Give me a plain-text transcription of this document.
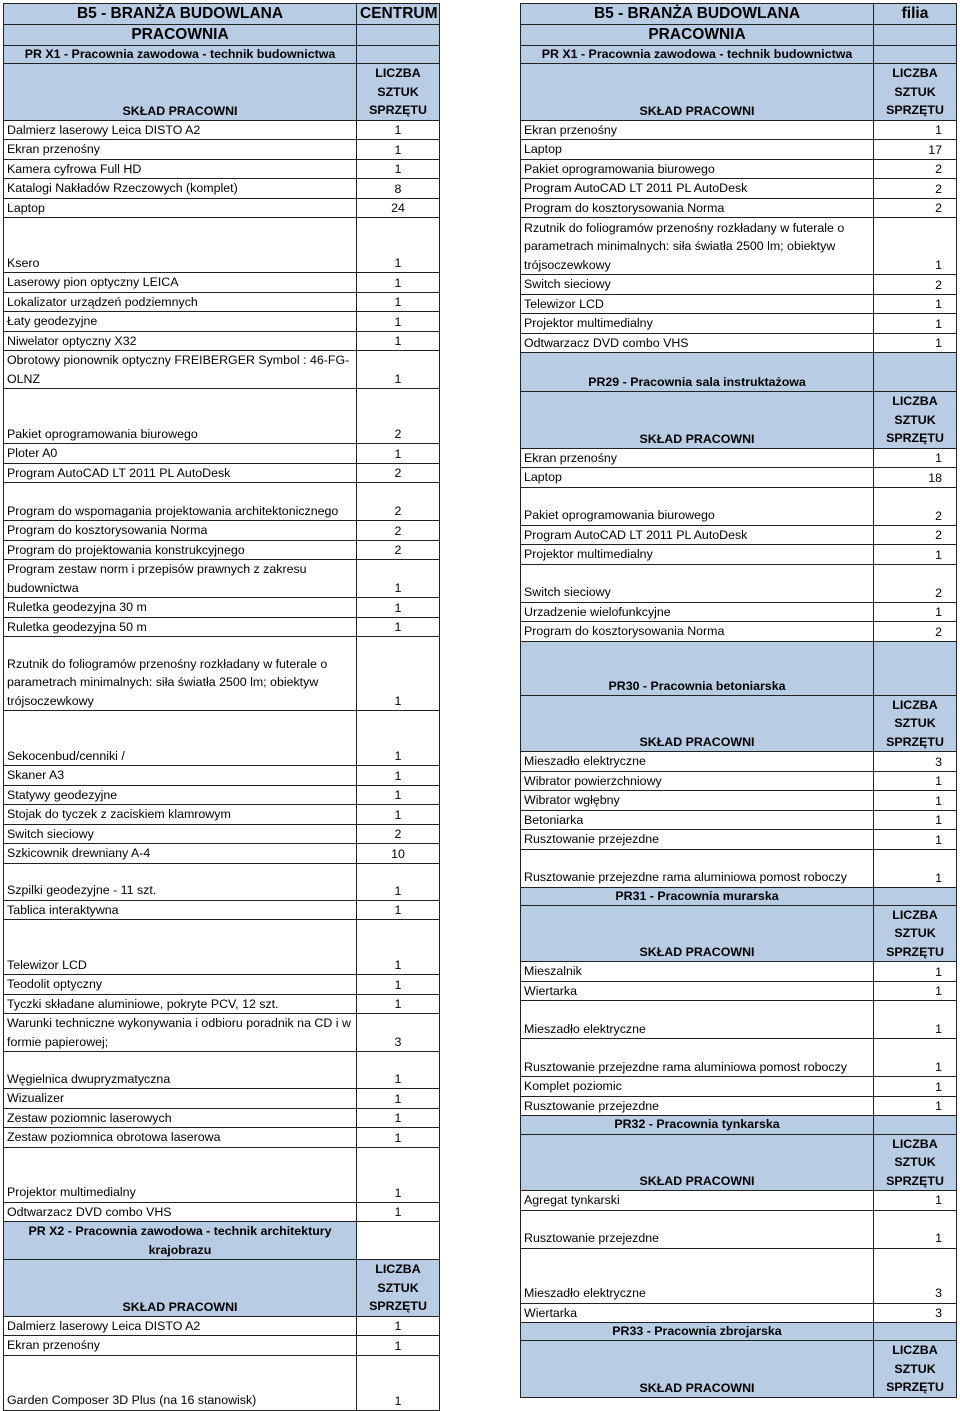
B5 - BRANŻA BUDOWLANA	CENTRUM
PRACOWNIA	
PR X1 - Pracownia zawodowa - technik budownictwa	
SKŁAD PRACOWNI	LICZBA SZTUK SPRZĘTU
Dalmierz laserowy Leica DISTO A2	1
Ekran przenośny	1
Kamera cyfrowa Full HD	1
Katalogi Nakładów Rzeczowych (komplet)	8
Laptop	24
Ksero	1
Laserowy pion optyczny LEICA	1
Lokalizator urządzeń podziemnych	1
Łaty geodezyjne	1
Niwelator optyczny X32	1
Obrotowy pionownik optyczny FREIBERGER Symbol : 46-FG-OLNZ	1
Pakiet oprogramowania biurowego	2
Ploter A0	1
Program AutoCAD LT 2011 PL AutoDesk	2
Program do wspomagania projektowania architektonicznego	2
Program do kosztorysowania Norma	2
Program do projektowania konstrukcyjnego	2
Program zestaw norm i przepisów prawnych z zakresu budownictwa	1
Ruletka geodezyjna 30 m	1
Ruletka geodezyjna 50 m	1
Rzutnik do foliogramów przenośny rozkładany w futerale o parametrach minimalnych: siła światła 2500 lm; obiektyw trójsoczewkowy	1
Sekocenbud/cenniki /	1
Skaner A3	1
Statywy geodezyjne	1
Stojak do tyczek z zaciskiem klamrowym	1
Switch sieciowy	2
Szkicownik drewniany A-4	10
Szpilki geodezyjne - 11 szt.	1
Tablica interaktywna	1
Telewizor LCD	1
Teodolit optyczny	1
Tyczki składane aluminiowe, pokryte PCV, 12 szt.	1
Warunki techniczne wykonywania i odbioru poradnik na CD i w formie papierowej;	3
Węgielnica dwupryzmatyczna	1
Wizualizer	1
Zestaw poziomnic laserowych	1
Zestaw poziomnica obrotowa laserowa	1
Projektor multimedialny	1
Odtwarzacz DVD combo VHS	1
PR X2 - Pracownia zawodowa - technik architektury krajobrazu	
SKŁAD PRACOWNI	LICZBA SZTUK SPRZĘTU
Dalmierz laserowy Leica DISTO A2	1
Ekran przenośny	1
Garden Composer 3D Plus (na 16 stanowisk)	1
B5 - BRANŻA BUDOWLANA	filia
PRACOWNIA	
PR X1 - Pracownia zawodowa - technik budownictwa	
SKŁAD PRACOWNI	LICZBA SZTUK SPRZĘTU
Ekran przenośny	1
Laptop	17
Pakiet oprogramowania biurowego	2
Program AutoCAD LT 2011 PL AutoDesk	2
Program do kosztorysowania Norma	2
Rzutnik do foliogramów przenośny rozkładany w futerale o parametrach minimalnych: siła światła 2500 lm; obiektyw trójsoczewkowy	1
Switch sieciowy	2
Telewizor LCD	1
Projektor multimedialny	1
Odtwarzacz DVD combo VHS	1
PR29 - Pracownia sala instruktażowa	
SKŁAD PRACOWNI	LICZBA SZTUK SPRZĘTU
Ekran przenośny	1
Laptop	18
Pakiet oprogramowania biurowego	2
Program AutoCAD LT 2011 PL AutoDesk	2
Projektor multimedialny	1
Switch sieciowy	2
Urzadzenie wielofunkcyjne	1
Program do kosztorysowania Norma	2
PR30 - Pracownia betoniarska	
SKŁAD PRACOWNI	LICZBA SZTUK SPRZĘTU
Mieszadło elektryczne	3
Wibrator powierzchniowy	1
Wibrator wgłębny	1
Betoniarka	1
Rusztowanie przejezdne	1
Rusztowanie przejezdne rama aluminiowa pomost roboczy	1
PR31 - Pracownia murarska	
SKŁAD PRACOWNI	LICZBA SZTUK SPRZĘTU
Mieszalnik	1
Wiertarka	1
Mieszadło elektryczne	1
Rusztowanie przejezdne rama aluminiowa pomost roboczy	1
Komplet poziomic	1
Rusztowanie przejezdne	1
PR32 - Pracownia tynkarska	
SKŁAD PRACOWNI	LICZBA SZTUK SPRZĘTU
Agregat tynkarski	1
Rusztowanie przejezdne	1
Mieszadło elektryczne	3
Wiertarka	3
PR33 - Pracownia zbrojarska	
SKŁAD PRACOWNI	LICZBA SZTUK SPRZĘTU
